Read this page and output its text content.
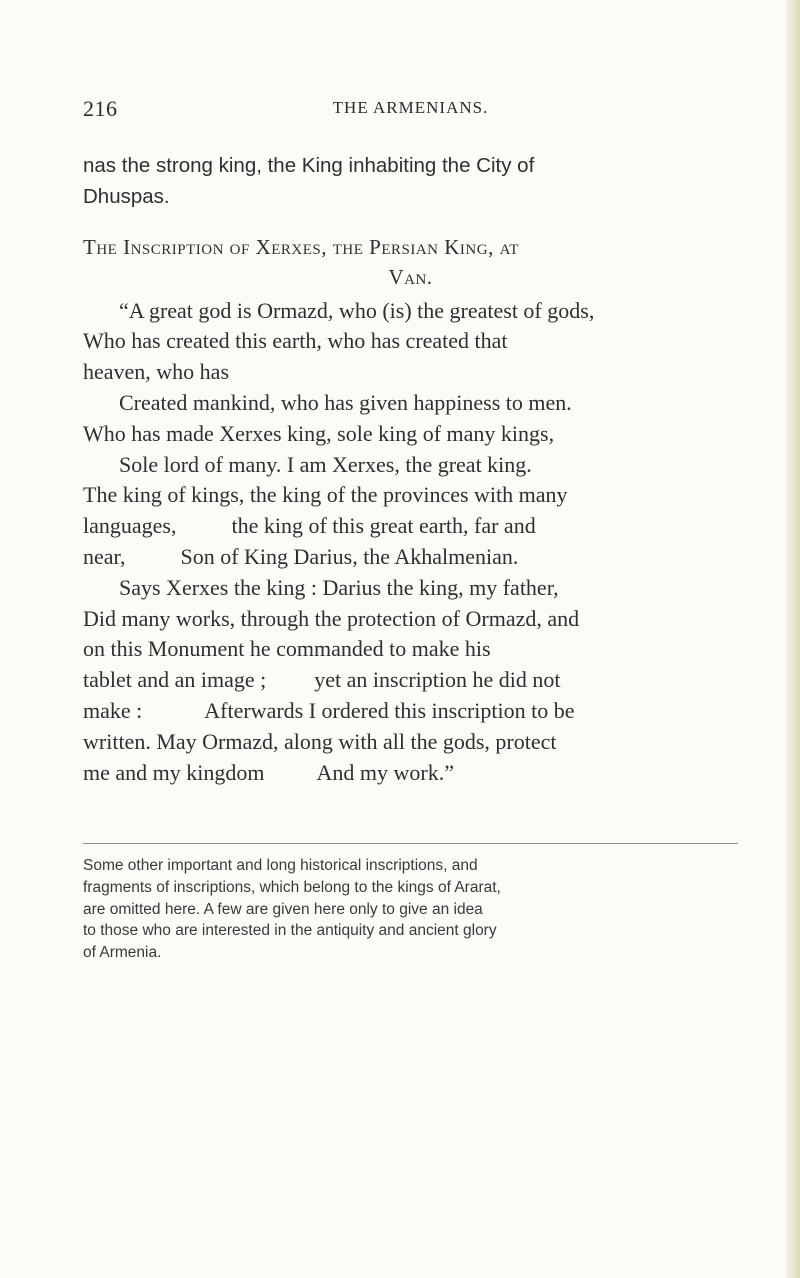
216	THE ARMENIANS.
nas the strong king, the King inhabiting the City of
Dhuspas.
The Inscription of Xerxes, the Persian King, at
Van.
“A great god is Ormazd, who (is) the greatest of gods,
Who has created this earth, who has created that
heaven, who has
Created mankind, who has given happiness to men.
Who has made Xerxes king, sole king of many kings,
Sole lord of many. I am Xerxes, the great king.
The king of kings, the king of the provinces with many
languages,	the king of this great earth, far and
near,	Son of King Darius, the Akhalmenian.
Says Xerxes the king : Darius the king, my father,
Did many works, through the protection of Ormazd, and
on this Monument he commanded to make his
tablet and an image ; yet an inscription he did not
make :	Afterwards I ordered this inscription to be
written. May Ormazd, along with all the gods, protect
me and my kingdom And my work.”
Some other important and long historical inscriptions, and
fragments of inscriptions, which belong to the kings of Ararat,
are omitted here. A few are given here only to give an idea
to those who are interested in the antiquity and ancient glory
of Armenia.
